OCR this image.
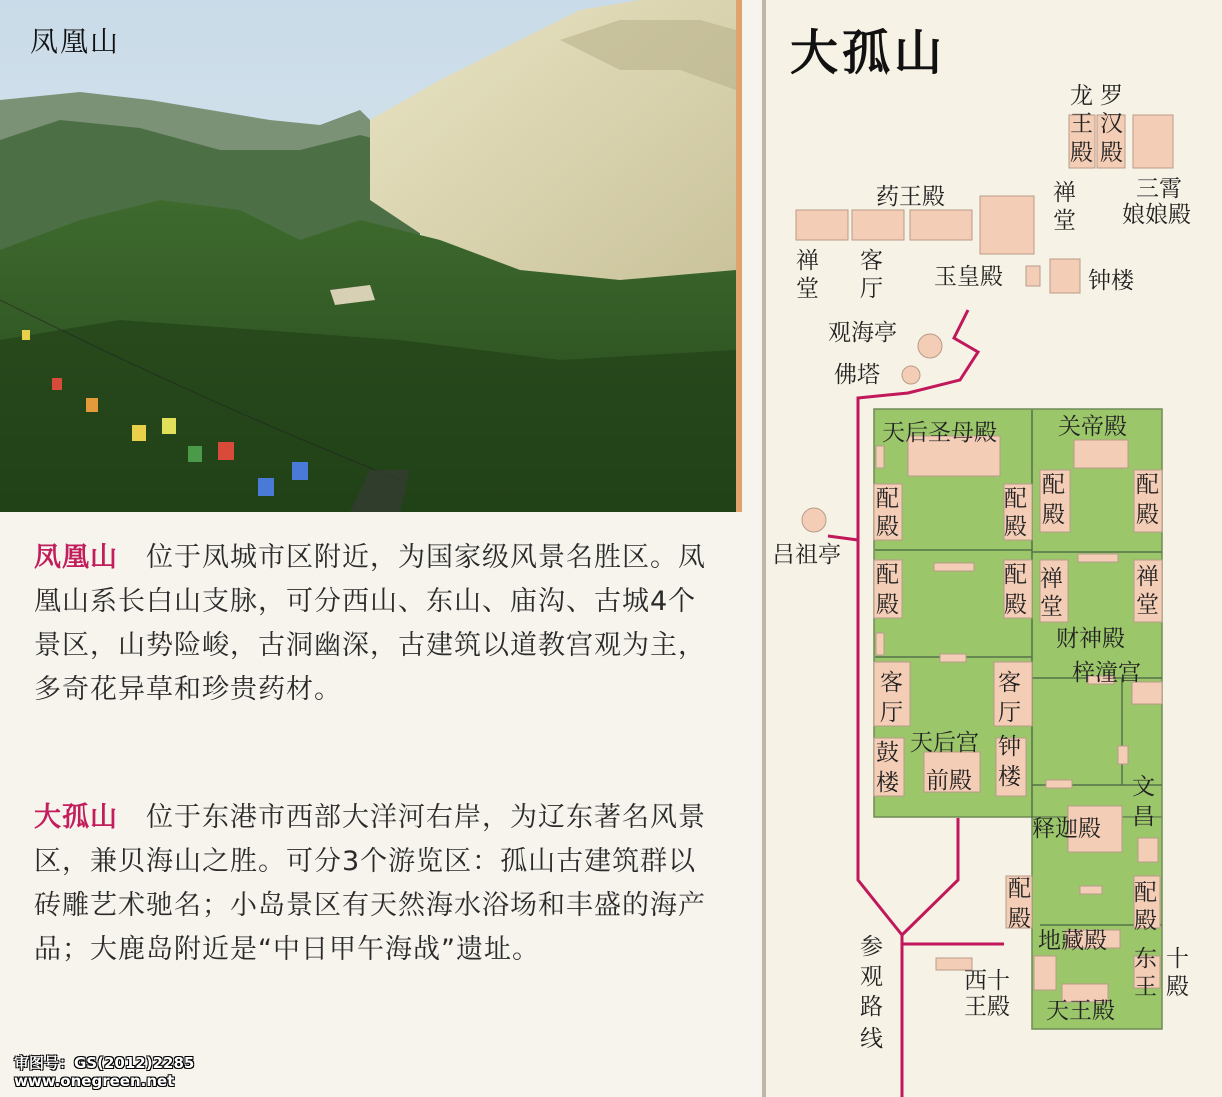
凤凰山
凤凰山 位于凤城市区附近，为国家级风景名胜区。凤凰山系长白山支脉，可分西山、东山、庙沟、古城4个景区，山势险峻，古洞幽深，古建筑以道教宫观为主，多奇花异草和珍贵药材。
大孤山 位于东港市西部大洋河右岸，为辽东著名风景区，兼贝海山之胜。可分3个游览区：孤山古建筑群以砖雕艺术驰名；小岛景区有天然海水浴场和丰盛的海产品；大鹿岛附近是“中日甲午海战”遗址。
审图号：GS(2012)2285
www.onegreen.net
大孤山
龙
王
殿
罗
汉
殿
三霄
娘娘殿
药王殿	禅
堂
禅
堂
客
厅 玉皇殿	钟楼
观海亭
佛塔
天后圣母殿	关帝殿
配
殿
配
殿
配
殿
配
殿
配
殿
配
殿
禅
堂
禅
堂
财神殿
梓潼宫
客
厅
客
厅
天后宫
前殿
鼓
楼
钟
楼	文
昌
释迦殿
配
殿
配
殿
地藏殿
西十
王殿
东
王
十
殿
天王殿
吕祖亭
参
观
路
线
